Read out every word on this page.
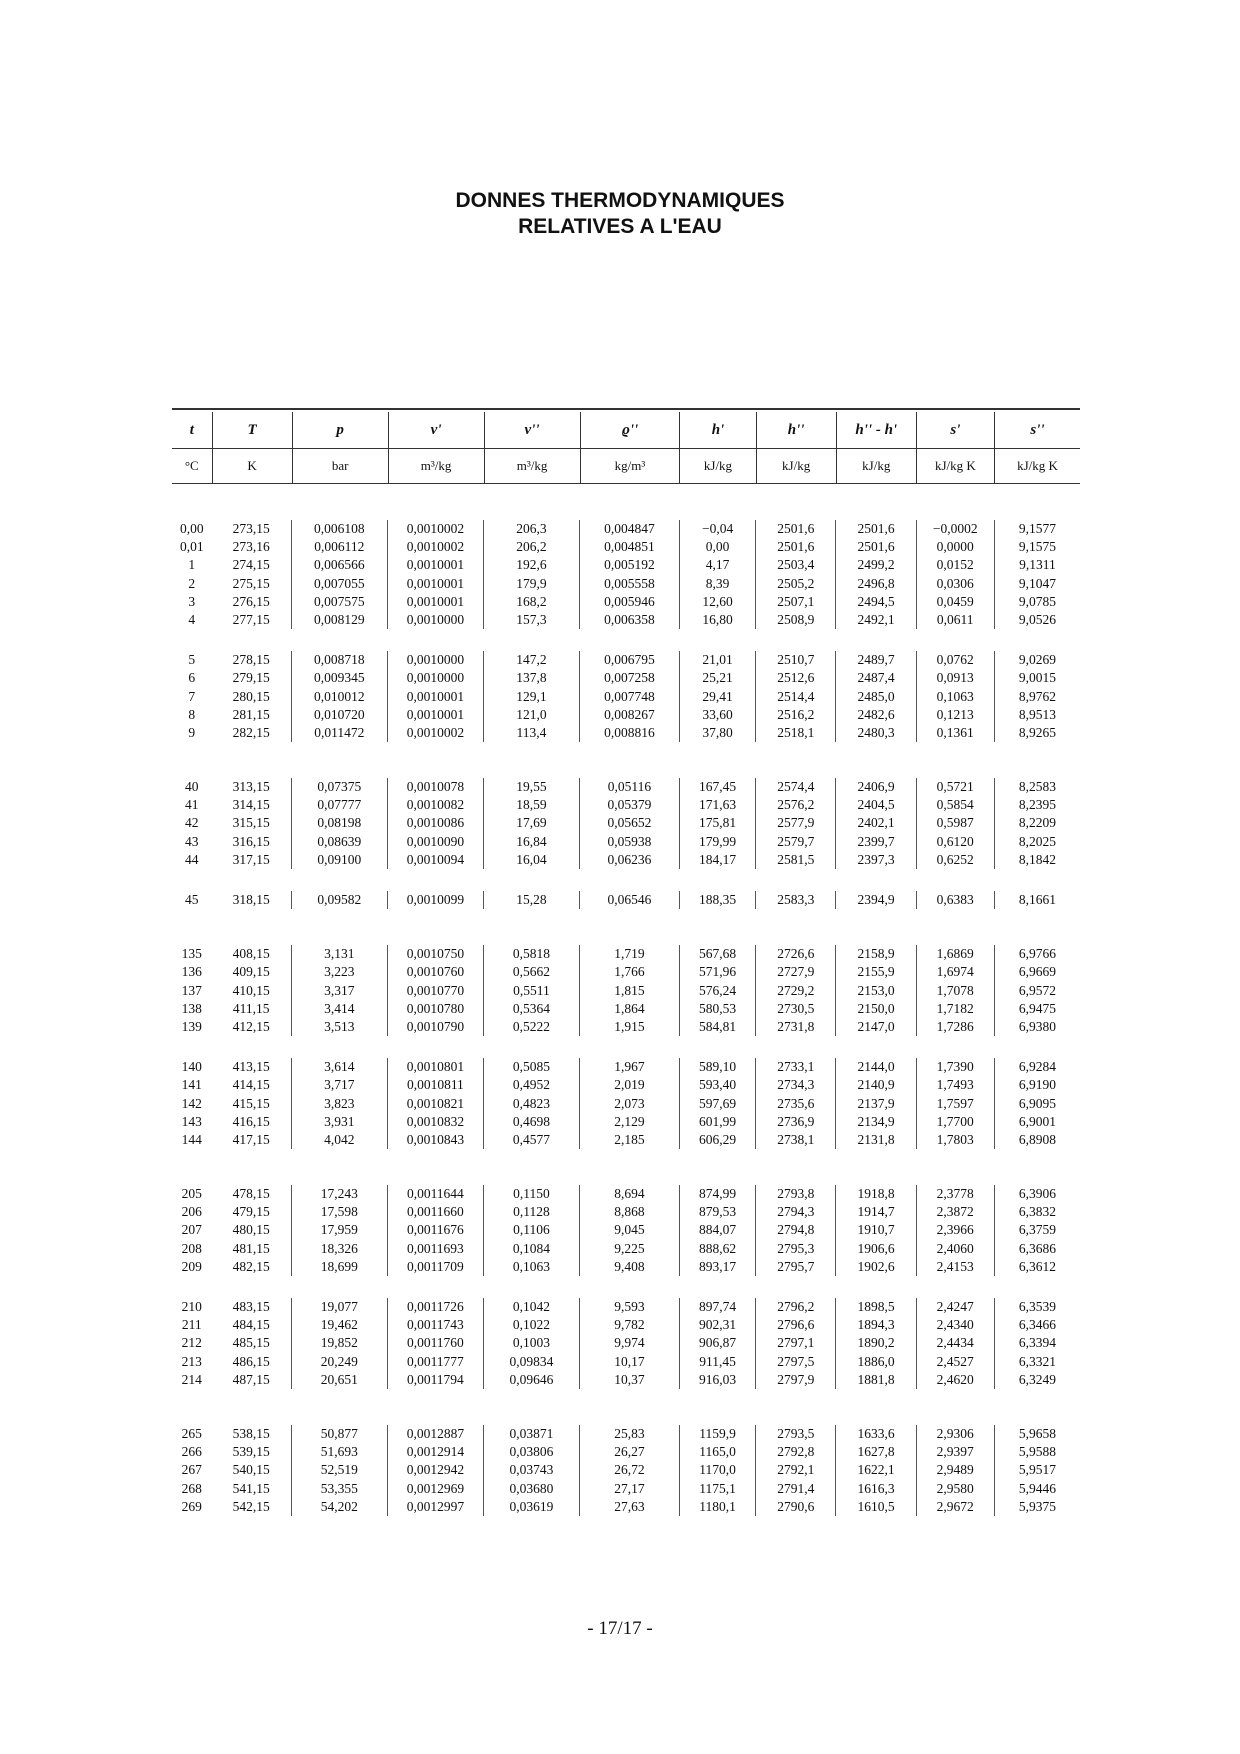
DONNES THERMODYNAMIQUES
RELATIVES A L'EAU
t	T	p	v'	v''	ϱ''	h'	h''	h'' - h'	s'	s''
°C	K	bar	m³/kg	m³/kg	kg/m³	kJ/kg	kJ/kg	kJ/kg	kJ/kg K	kJ/kg K
0,00	273,15	0,006108	0,0010002	206,3	0,004847	−0,04	2501,6	2501,6	−0,0002	9,1577
0,01	273,16	0,006112	0,0010002	206,2	0,004851	0,00	2501,6	2501,6	0,0000	9,1575
1	274,15	0,006566	0,0010001	192,6	0,005192	4,17	2503,4	2499,2	0,0152	9,1311
2	275,15	0,007055	0,0010001	179,9	0,005558	8,39	2505,2	2496,8	0,0306	9,1047
3	276,15	0,007575	0,0010001	168,2	0,005946	12,60	2507,1	2494,5	0,0459	9,0785
4	277,15	0,008129	0,0010000	157,3	0,006358	16,80	2508,9	2492,1	0,0611	9,0526
5	278,15	0,008718	0,0010000	147,2	0,006795	21,01	2510,7	2489,7	0,0762	9,0269
6	279,15	0,009345	0,0010000	137,8	0,007258	25,21	2512,6	2487,4	0,0913	9,0015
7	280,15	0,010012	0,0010001	129,1	0,007748	29,41	2514,4	2485,0	0,1063	8,9762
8	281,15	0,010720	0,0010001	121,0	0,008267	33,60	2516,2	2482,6	0,1213	8,9513
9	282,15	0,011472	0,0010002	113,4	0,008816	37,80	2518,1	2480,3	0,1361	8,9265
40	313,15	0,07375	0,0010078	19,55	0,05116	167,45	2574,4	2406,9	0,5721	8,2583
41	314,15	0,07777	0,0010082	18,59	0,05379	171,63	2576,2	2404,5	0,5854	8,2395
42	315,15	0,08198	0,0010086	17,69	0,05652	175,81	2577,9	2402,1	0,5987	8,2209
43	316,15	0,08639	0,0010090	16,84	0,05938	179,99	2579,7	2399,7	0,6120	8,2025
44	317,15	0,09100	0,0010094	16,04	0,06236	184,17	2581,5	2397,3	0,6252	8,1842
45	318,15	0,09582	0,0010099	15,28	0,06546	188,35	2583,3	2394,9	0,6383	8,1661
135	408,15	3,131	0,0010750	0,5818	1,719	567,68	2726,6	2158,9	1,6869	6,9766
136	409,15	3,223	0,0010760	0,5662	1,766	571,96	2727,9	2155,9	1,6974	6,9669
137	410,15	3,317	0,0010770	0,5511	1,815	576,24	2729,2	2153,0	1,7078	6,9572
138	411,15	3,414	0,0010780	0,5364	1,864	580,53	2730,5	2150,0	1,7182	6,9475
139	412,15	3,513	0,0010790	0,5222	1,915	584,81	2731,8	2147,0	1,7286	6,9380
140	413,15	3,614	0,0010801	0,5085	1,967	589,10	2733,1	2144,0	1,7390	6,9284
141	414,15	3,717	0,0010811	0,4952	2,019	593,40	2734,3	2140,9	1,7493	6,9190
142	415,15	3,823	0,0010821	0,4823	2,073	597,69	2735,6	2137,9	1,7597	6,9095
143	416,15	3,931	0,0010832	0,4698	2,129	601,99	2736,9	2134,9	1,7700	6,9001
144	417,15	4,042	0,0010843	0,4577	2,185	606,29	2738,1	2131,8	1,7803	6,8908
205	478,15	17,243	0,0011644	0,1150	8,694	874,99	2793,8	1918,8	2,3778	6,3906
206	479,15	17,598	0,0011660	0,1128	8,868	879,53	2794,3	1914,7	2,3872	6,3832
207	480,15	17,959	0,0011676	0,1106	9,045	884,07	2794,8	1910,7	2,3966	6,3759
208	481,15	18,326	0,0011693	0,1084	9,225	888,62	2795,3	1906,6	2,4060	6,3686
209	482,15	18,699	0,0011709	0,1063	9,408	893,17	2795,7	1902,6	2,4153	6,3612
210	483,15	19,077	0,0011726	0,1042	9,593	897,74	2796,2	1898,5	2,4247	6,3539
211	484,15	19,462	0,0011743	0,1022	9,782	902,31	2796,6	1894,3	2,4340	6,3466
212	485,15	19,852	0,0011760	0,1003	9,974	906,87	2797,1	1890,2	2,4434	6,3394
213	486,15	20,249	0,0011777	0,09834	10,17	911,45	2797,5	1886,0	2,4527	6,3321
214	487,15	20,651	0,0011794	0,09646	10,37	916,03	2797,9	1881,8	2,4620	6,3249
265	538,15	50,877	0,0012887	0,03871	25,83	1159,9	2793,5	1633,6	2,9306	5,9658
266	539,15	51,693	0,0012914	0,03806	26,27	1165,0	2792,8	1627,8	2,9397	5,9588
267	540,15	52,519	0,0012942	0,03743	26,72	1170,0	2792,1	1622,1	2,9489	5,9517
268	541,15	53,355	0,0012969	0,03680	27,17	1175,1	2791,4	1616,3	2,9580	5,9446
269	542,15	54,202	0,0012997	0,03619	27,63	1180,1	2790,6	1610,5	2,9672	5,9375
- 17/17 -
